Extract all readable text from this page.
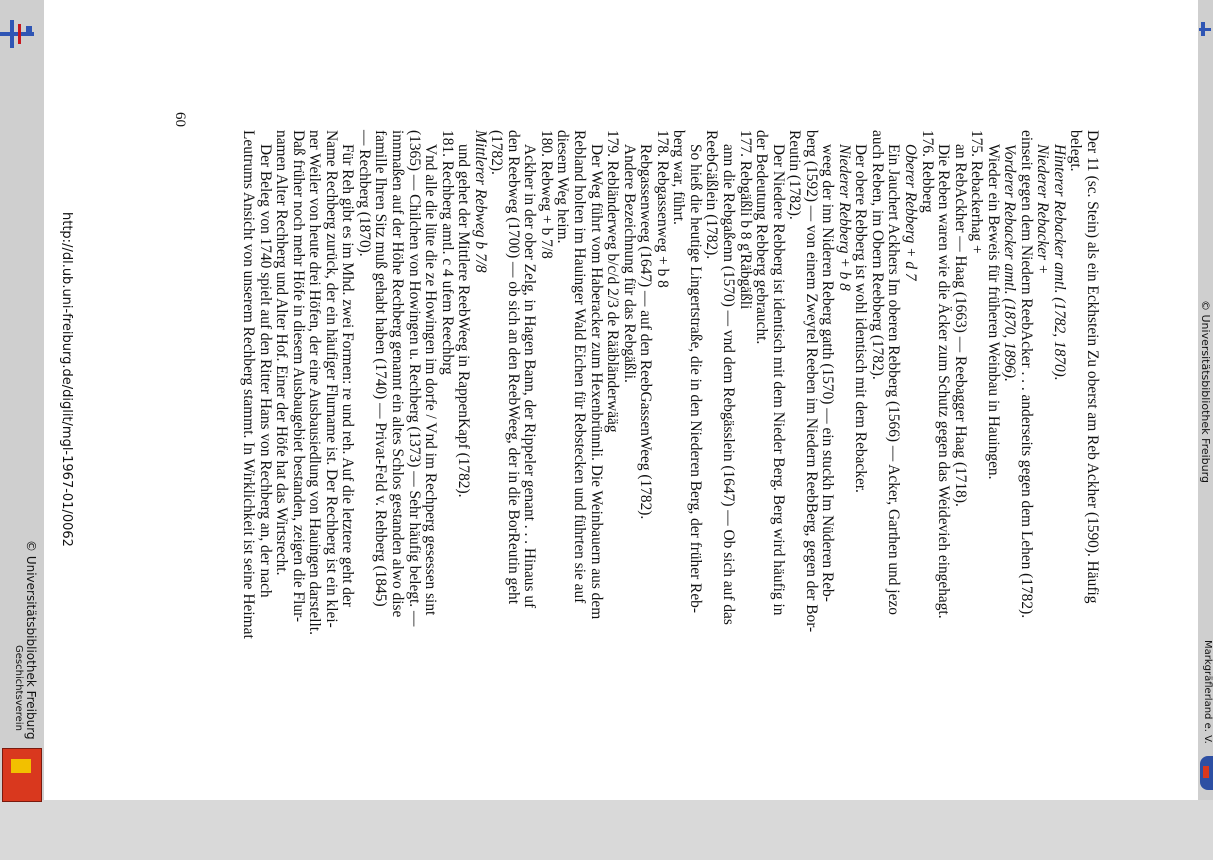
http://dl.ub.uni-freiburg.de/diglit/mgl-1967-01/0062
© Universitätsbibliothek Freiburg
Geschichtsverein	Markgräflerland e. V.
© Universitätsbibliothek Freiburg

Der 11 (sc. Stein) als ein Eckhstein Zu oberst am Reb Ackher (1590). Häufig

belegt.

Hinterer Rebacker amtl. (1782, 1870).

Niederer Rebacker +

einseit gegen dem Niedern ReebAcker . . . anderseits gegen dem Lehen (1782).

Vorderer Rebacker amtl. (1870, 1896).

Wieder ein Beweis für früheren Weinbau in Hauingen.

175. Rebackerhag +

an RebAckher — Haag (1663) — Reebagger Haag (1718).

Die Reben waren wie die Äcker zum Schutz gegen das Weidevieh eingehagt.

176. Rebberg

Oberer Rebberg + d 7

Ein Jauchert Ackhers Im oberen Rebberg (1566) — Acker, Garthen und jezo

auch Reben, im Obern Reebberg (1782).

Der obere Rebberg ist wohl identisch mit dem Rebacker.

Niederer Rebberg + b 8

weeg der inn Nideren Reberg gatth (1570) — ein stuckh Im Nüderen Reb-

berg (1592) — von einem Zweytel Reeben im Niedern ReebBerg, gegen der Bor-

Reutin (1782).

Der Niedere Rebberg ist identisch mit dem Nieder Berg. Berg wird häufig in

der Bedeutung Rebberg gebraucht.

177. Rebgäßli b 8 g'Räbgäßli

ann die Rebgaßenn (1570) — vnd dem Rebgässlein (1647) — Ob sich auf das

ReebGäßlein (1782).

So hieß die heutige Lingertstraße, die in den Niederen Berg, der früher Reb-

berg war, führt.

178. Rebgassenweg + b 8

Rebgassenweeg (1647) — auf den ReebGassenWeeg (1782).

Andere Bezeichnung für das Rebgäßli.

179. Rebländerweg b/c/d 2/3 de Rääbländerwääg

Der Weg führt vom Haberacker zum Hexenbrünnli. Die Weinbauern aus dem

Rebland holten im Hauinger Wald Eichen für Rebstecken und führten sie auf

diesem Weg heim.

180. Rebweg + b 7/8

Ackher in der ober Zelg, in Hagen Bann, der Rippeler genant . . . Hinaus uf

den Reebweg (1700) — ob sich an den ReebWeeg, der in die BorReutin geht

(1782).

Mittlerer Rebweg b 7/8

und gehet der Mittlere ReebWeeg in RappenKapf (1782).

181. Rechberg amtl. c 4 ufem Reechbrg

Vnd alle die lüte die ze Howingen im dorfe / Vnd im Rechperg gesessen sint

(1365) — Chilchen von Howingen u. Rechberg (1373) — Sehr häufig belegt. —

innmaßen auf der Höhe Rechberg genannt ein altes Schlos gestanden alwo dise

famille Ihren Sitz muß gehabt haben (1740) — Privat-Feld v. Rehberg (1845)

— Rechberg (1870).

Für Reh gibt es im Mhd. zwei Formen: re und reh. Auf die letztere geht der

Name Rechberg zurück, der ein häufiger Flurname ist. Der Rechberg ist ein klei-

ner Weiler von heute drei Höfen, der eine Ausbausiedlung von Hauingen darstellt.

Daß früher noch mehr Höfe in diesem Ausbaugebiet bestanden, zeigen die Flur-

namen Alter Rechberg und Alter Hof. Einer der Höfe hat das Wirtsrecht.

Der Beleg von 1740 spielt auf den Ritter Hans von Rechberg an, der nach

Leutrums Ansicht von unserem Rechberg stammt. In Wirklichkeit ist seine Heimat

60
